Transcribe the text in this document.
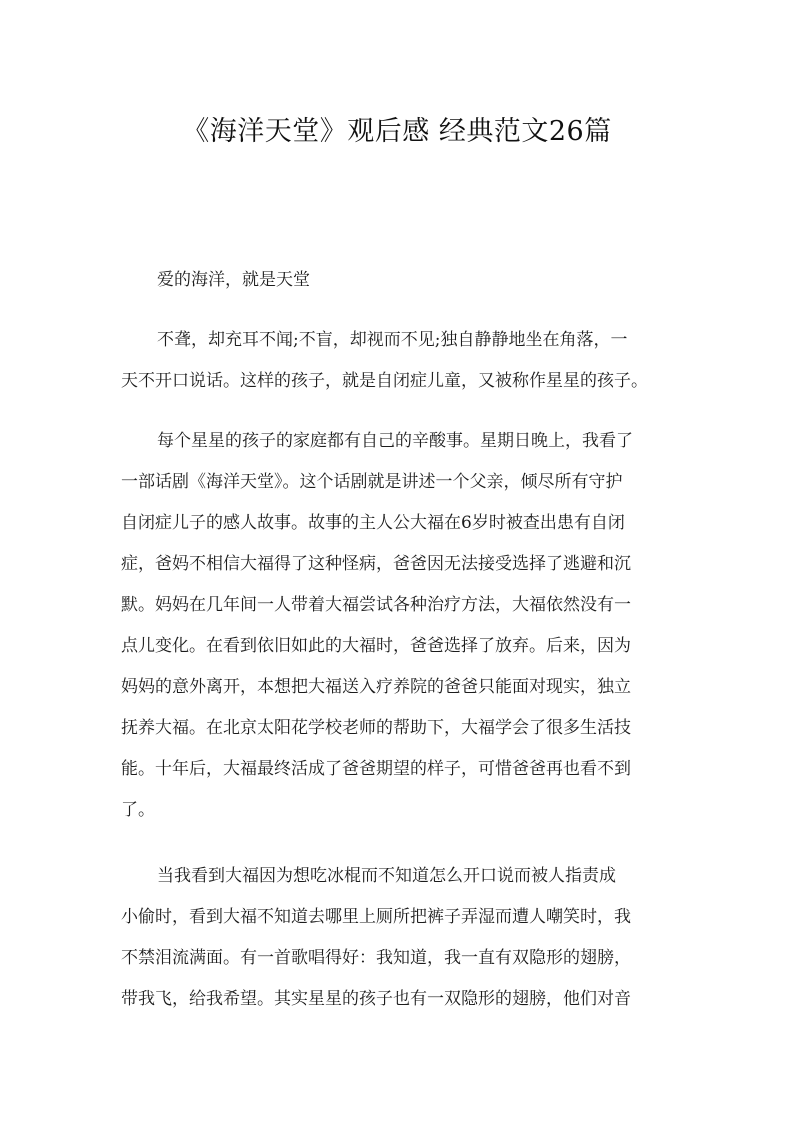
《海洋天堂》观后感 经典范文26篇
爱的海洋，就是天堂
不聋，却充耳不闻;不盲，却视而不见;独自静静地坐在角落，一
天不开口说话。这样的孩子，就是自闭症儿童，又被称作星星的孩子。
每个星星的孩子的家庭都有自己的辛酸事。星期日晚上，我看了
一部话剧《海洋天堂》。这个话剧就是讲述一个父亲，倾尽所有守护
自闭症儿子的感人故事。故事的主人公大福在6岁时被查出患有自闭
症，爸妈不相信大福得了这种怪病，爸爸因无法接受选择了逃避和沉
默。妈妈在几年间一人带着大福尝试各种治疗方法，大福依然没有一
点儿变化。在看到依旧如此的大福时，爸爸选择了放弃。后来，因为
妈妈的意外离开，本想把大福送入疗养院的爸爸只能面对现实，独立
抚养大福。在北京太阳花学校老师的帮助下，大福学会了很多生活技
能。十年后，大福最终活成了爸爸期望的样子，可惜爸爸再也看不到
了。
当我看到大福因为想吃冰棍而不知道怎么开口说而被人指责成
小偷时，看到大福不知道去哪里上厕所把裤子弄湿而遭人嘲笑时，我
不禁泪流满面。有一首歌唱得好：我知道，我一直有双隐形的翅膀，
带我飞，给我希望。其实星星的孩子也有一双隐形的翅膀，他们对音
